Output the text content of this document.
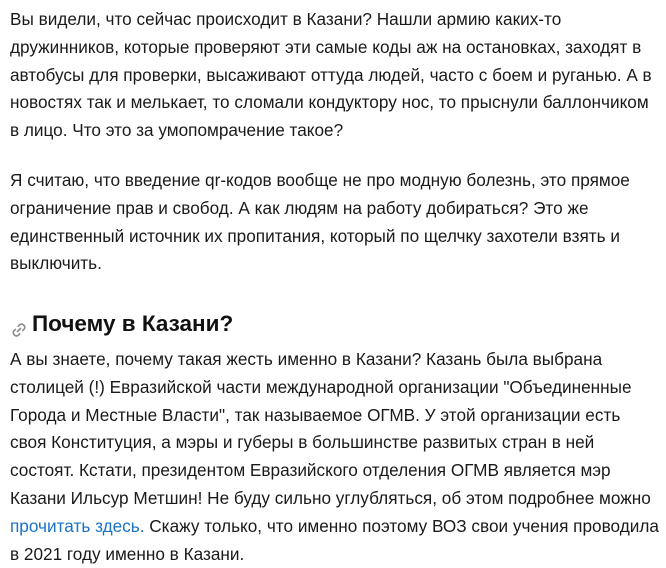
Вы видели, что сейчас происходит в Казани? Нашли армию каких-то дружинников, которые проверяют эти самые коды аж на остановках, заходят в автобусы для проверки, высаживают оттуда людей, часто с боем и руганью. А в новостях так и мелькает, то сломали кондуктору нос, то прыснули баллончиком в лицо. Что это за умопомрачение такое?

Я считаю, что введение qr-кодов вообще не про модную болезнь, это прямое ограничение прав и свобод. А как людям на работу добираться? Это же единственный источник их пропитания, который по щелчку захотели взять и выключить.

Почему в Казани?

А вы знаете, почему такая жесть именно в Казани? Казань была выбрана столицей (!) Евразийской части международной организации "Объединенные Города и Местные Власти", так называемое ОГМВ. У этой организации есть своя Конституция, а мэры и губеры в большинстве развитых стран в ней состоят. Кстати, президентом Евразийского отделения ОГМВ является мэр Казани Ильсур Метшин! Не буду сильно углубляться, об этом подробнее можно прочитать здесь. Скажу только, что именно поэтому ВОЗ свои учения проводила в 2021 году именно в Казани.
